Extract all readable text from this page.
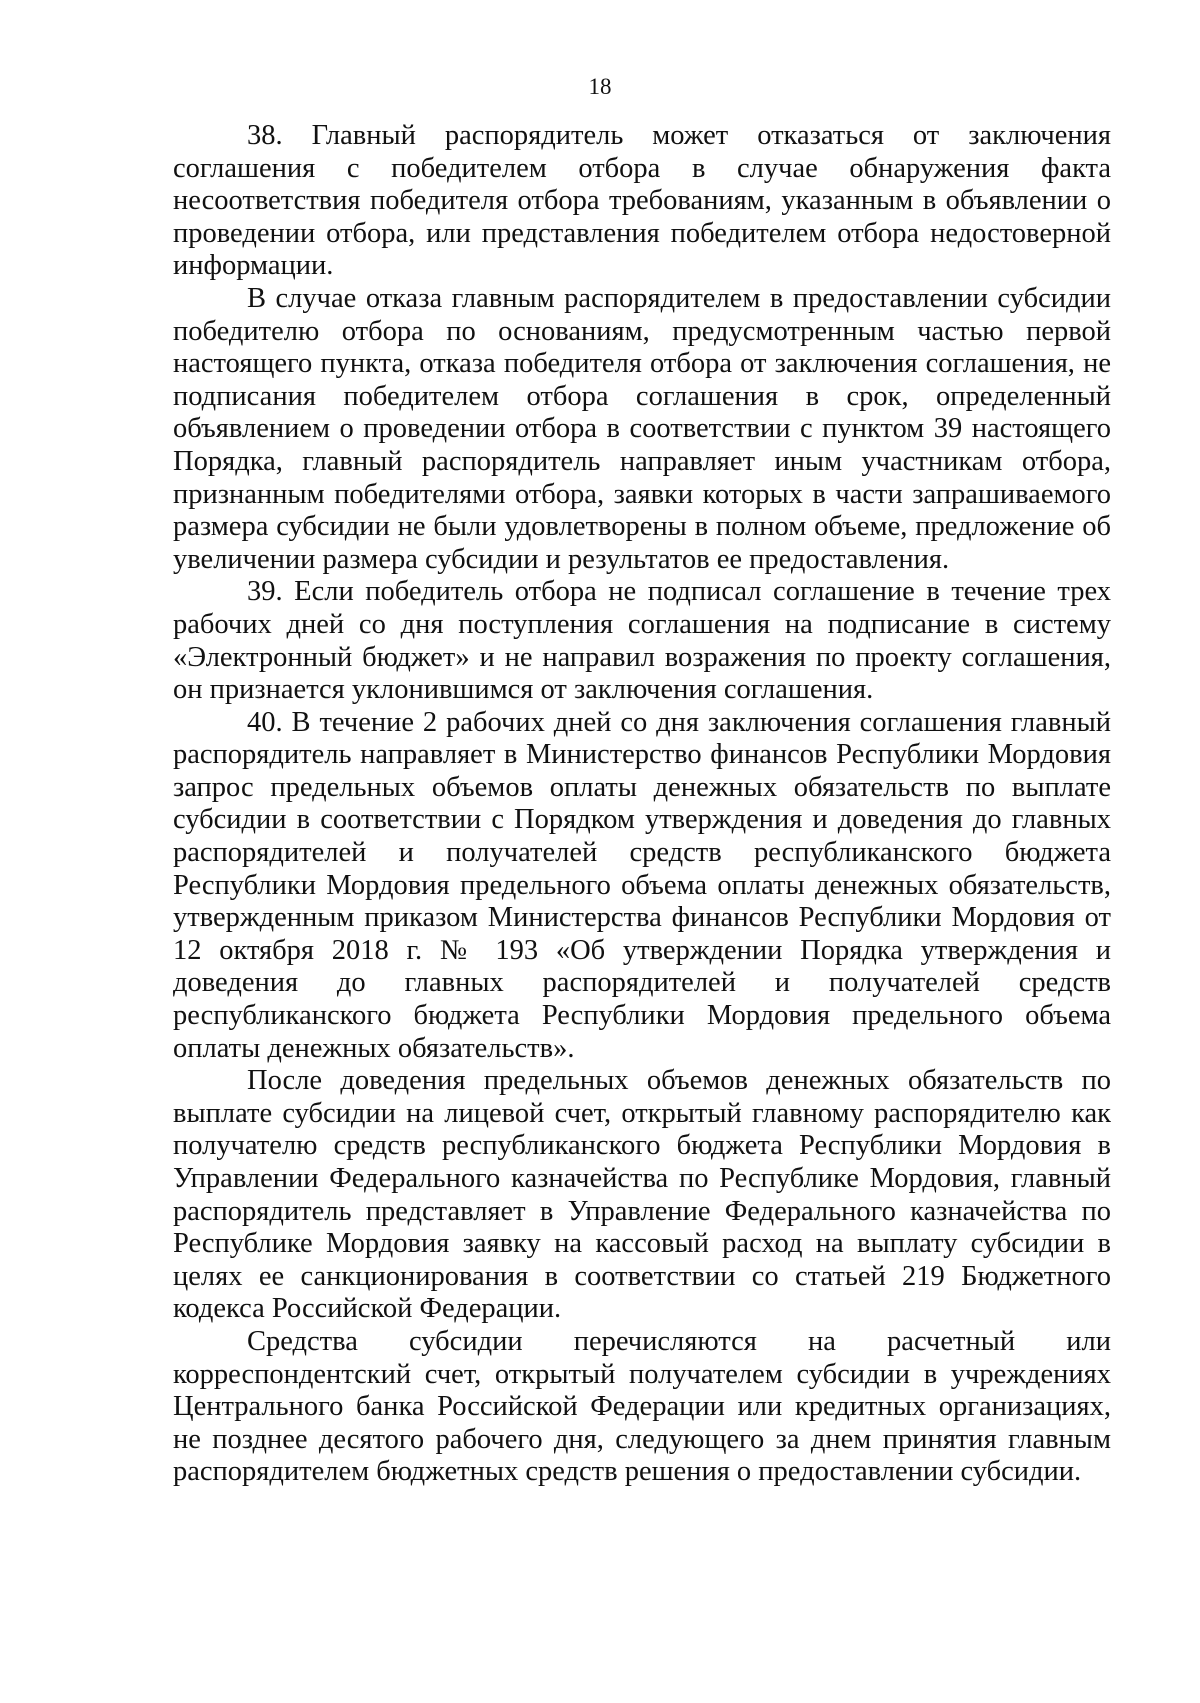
18

38. Главный распорядитель может отказаться от заключения соглашения с победителем отбора в случае обнаружения факта несоответствия победителя отбора требованиям, указанным в объявлении о проведении отбора, или представления победителем отбора недостоверной информации.

В случае отказа главным распорядителем в предоставлении субсидии победителю отбора по основаниям, предусмотренным частью первой настоящего пункта, отказа победителя отбора от заключения соглашения, не подписания победителем отбора соглашения в срок, определенный объявлением о проведении отбора в соответствии с пунктом 39 настоящего Порядка, главный распорядитель направляет иным участникам отбора, признанным победителями отбора, заявки которых в части запрашиваемого размера субсидии не были удовлетворены в полном объеме, предложение об увеличении размера субсидии и результатов ее предоставления.

39. Если победитель отбора не подписал соглашение в течение трех рабочих дней со дня поступления соглашения на подписание в систему «Электронный бюджет» и не направил возражения по проекту соглашения, он признается уклонившимся от заключения соглашения.

40. В течение 2 рабочих дней со дня заключения соглашения главный распорядитель направляет в Министерство финансов Республики Мордовия запрос предельных объемов оплаты денежных обязательств по выплате субсидии в соответствии с Порядком утверждения и доведения до главных распорядителей и получателей средств республиканского бюджета Республики Мордовия предельного объема оплаты денежных обязательств, утвержденным приказом Министерства финансов Республики Мордовия от 12 октября 2018 г. № 193 «Об утверждении Порядка утверждения и доведения до главных распорядителей и получателей средств республиканского бюджета Республики Мордовия предельного объема оплаты денежных обязательств».

После доведения предельных объемов денежных обязательств по выплате субсидии на лицевой счет, открытый главному распорядителю как получателю средств республиканского бюджета Республики Мордовия в Управлении Федерального казначейства по Республике Мордовия, главный распорядитель представляет в Управление Федерального казначейства по Республике Мордовия заявку на кассовый расход на выплату субсидии в целях ее санкционирования в соответствии со статьей 219 Бюджетного кодекса Российской Федерации.

Средства субсидии перечисляются на расчетный или корреспондентский счет, открытый получателем субсидии в учреждениях Центрального банка Российской Федерации или кредитных организациях, не позднее десятого рабочего дня, следующего за днем принятия главным распорядителем бюджетных средств решения о предоставлении субсидии.
